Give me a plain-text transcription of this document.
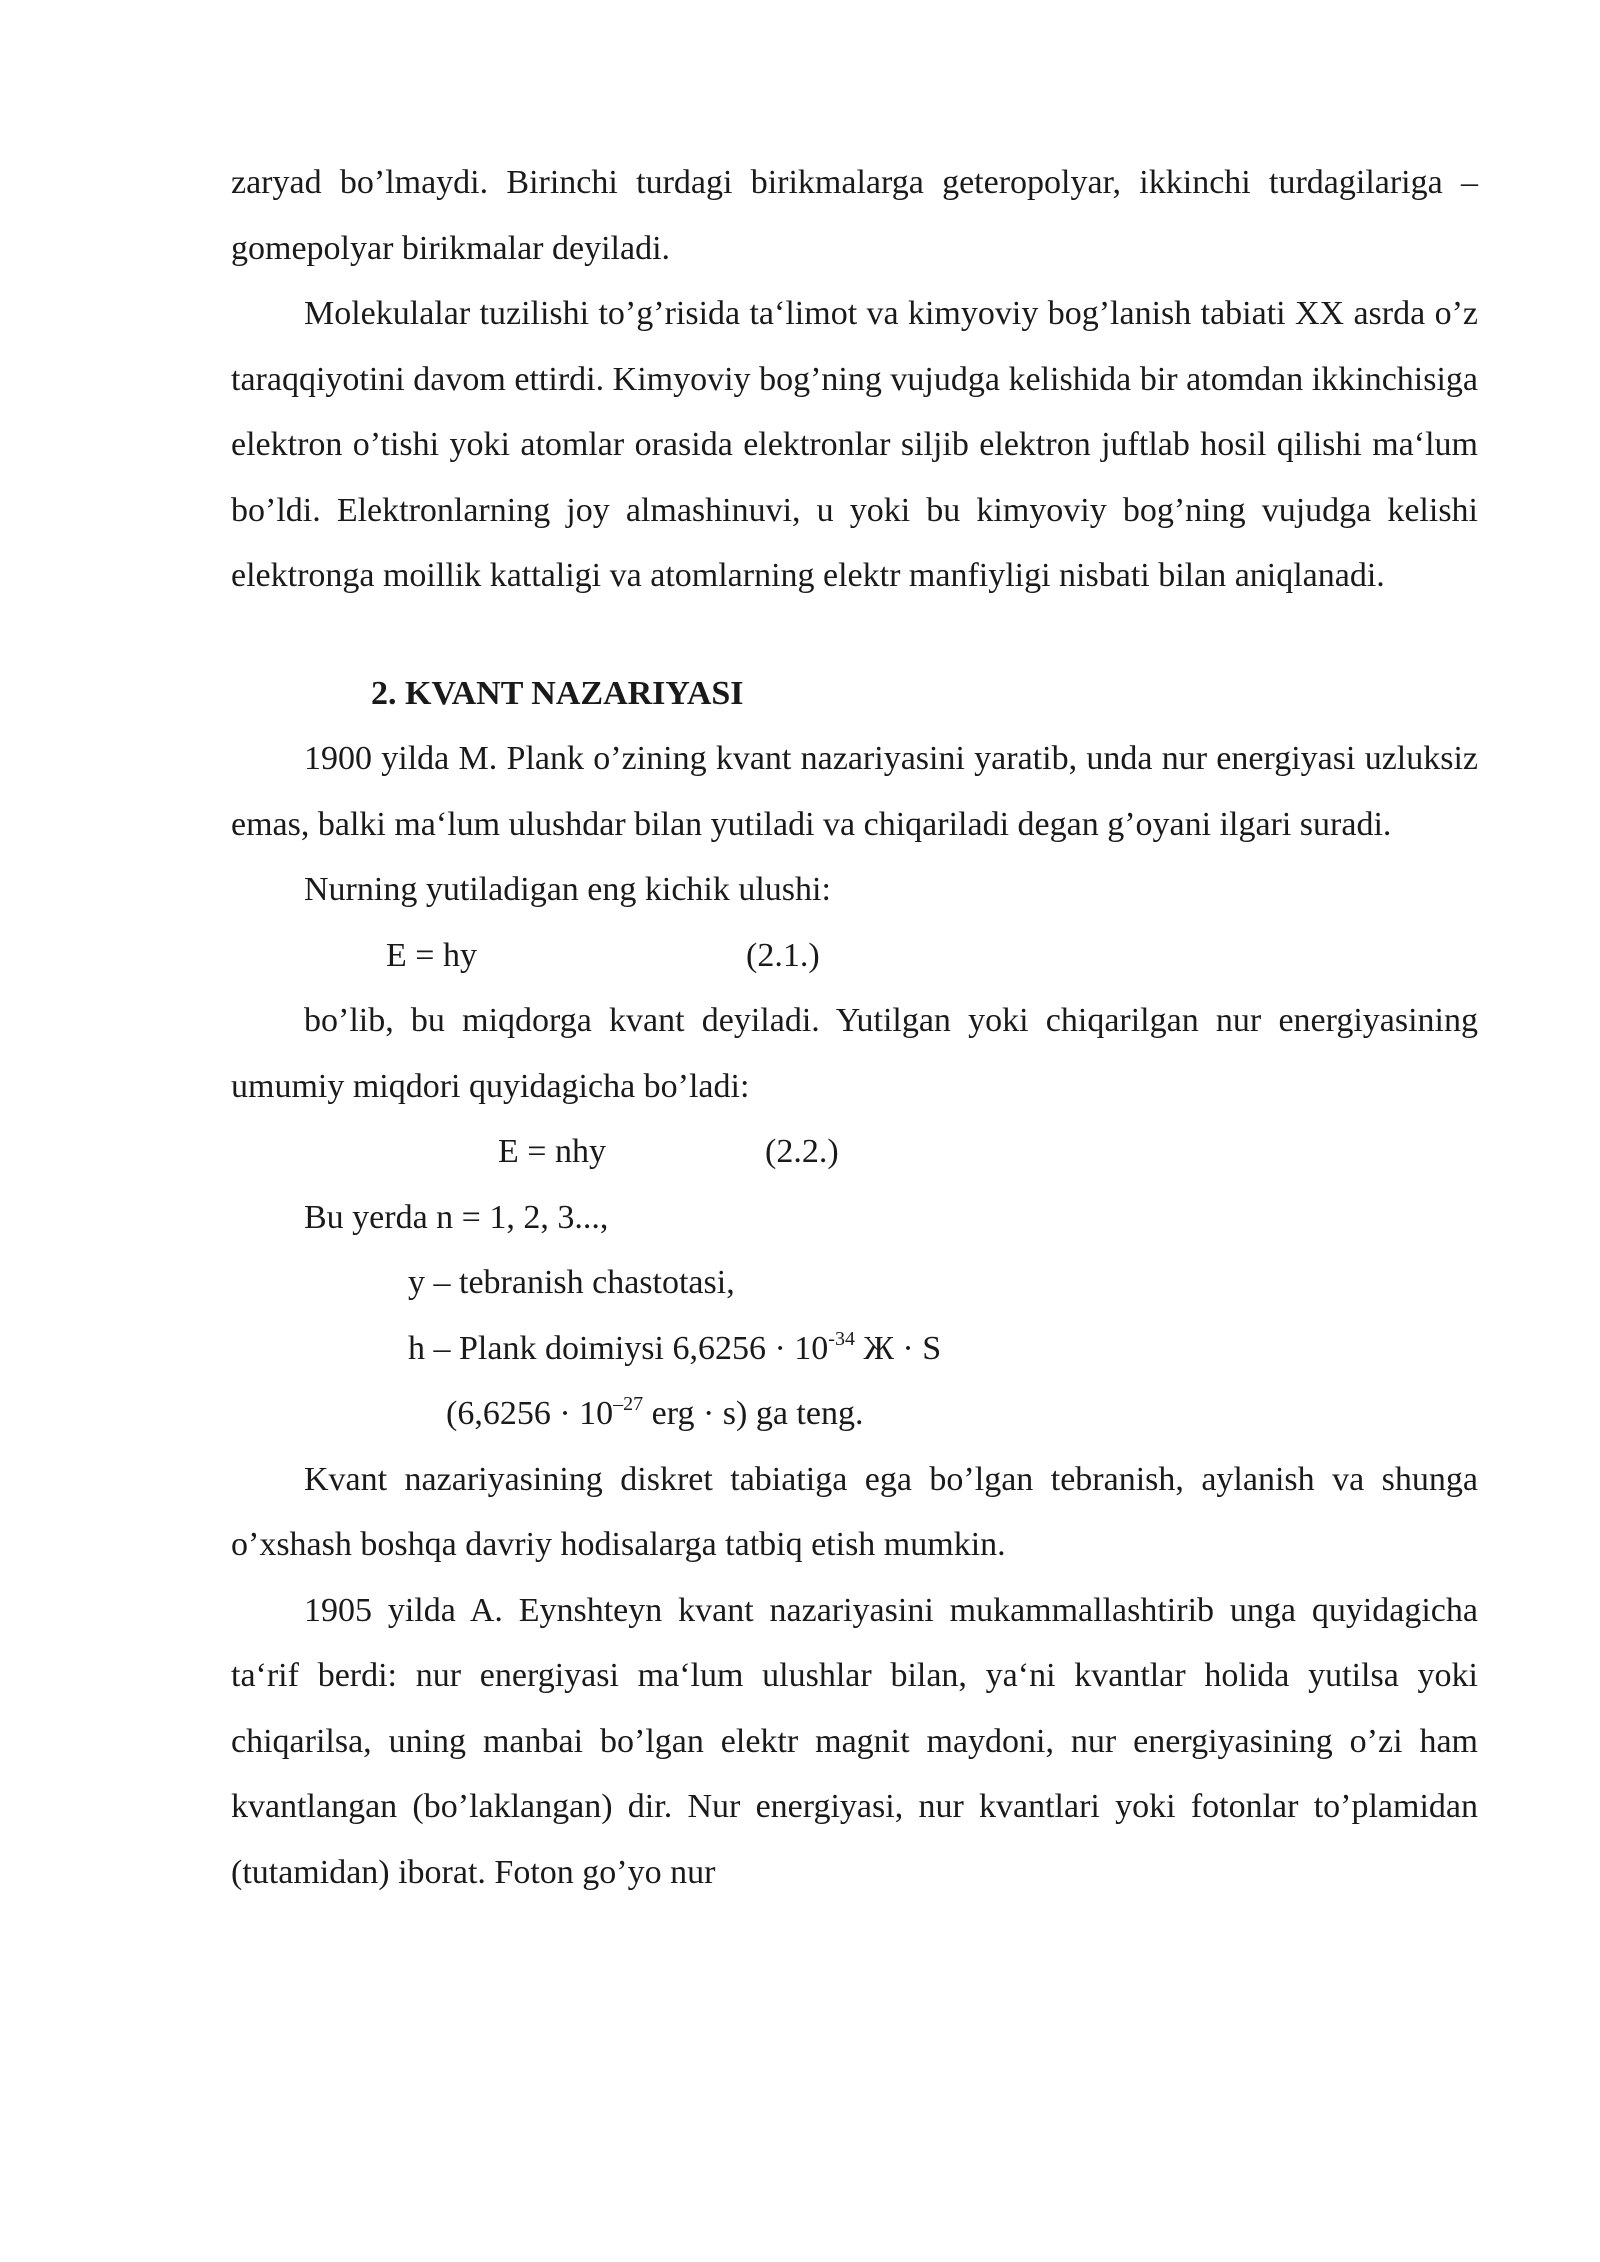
zaryad bo’lmaydi. Birinchi turdagi birikmalarga geteropolyar, ikkinchi turdagilariga – gomepolyar birikmalar deyiladi.

Molekulalar tuzilishi to’g’risida ta‘limot va kimyoviy bog’lanish tabiati XX asrda o’z taraqqiyotini davom ettirdi. Kimyoviy bog’ning vujudga kelishida bir atomdan ikkinchisiga elektron o’tishi yoki atomlar orasida elektronlar siljib elektron juftlab hosil qilishi ma‘lum bo’ldi. Elektronlarning joy almashinuvi, u yoki bu kimyoviy bog’ning vujudga kelishi elektronga moillik kattaligi va atomlarning elektr manfiyligi nisbati bilan aniqlanadi.

2. KVANT NAZARIYASI

1900 yilda M. Plank o’zining kvant nazariyasini yaratib, unda nur energiyasi uzluksiz emas, balki ma‘lum ulushdar bilan yutiladi va chiqariladi degan g’oyani ilgari suradi.

Nurning yutiladigan eng kichik ulushi:

E = hy	(2.1.)

bo’lib, bu miqdorga kvant deyiladi. Yutilgan yoki chiqarilgan nur energiyasining umumiy miqdori quyidagicha bo’ladi:

E = nhy	(2.2.)

Bu yerda n = 1, 2, 3...,

y – tebranish chastotasi,

h – Plank doimiysi $6,6256 \cdot 10^{-34}$ Ж · S

($6,6256 \cdot 10^{-27}$ erg · s) ga teng.

Kvant nazariyasining diskret tabiatiga ega bo’lgan tebranish, aylanish va shunga o’xshash boshqa davriy hodisalarga tatbiq etish mumkin.

1905 yilda A. Eynshteyn kvant nazariyasini mukammallashtirib unga quyidagicha ta‘rif berdi: nur energiyasi ma‘lum ulushlar bilan, ya‘ni kvantlar holida yutilsa yoki chiqarilsa, uning manbai bo’lgan elektr magnit maydoni, nur energiyasining o’zi ham kvantlangan (bo’laklangan) dir. Nur energiyasi, nur kvantlari yoki fotonlar to’plamidan (tutamidan) iborat. Foton go’yo nur
